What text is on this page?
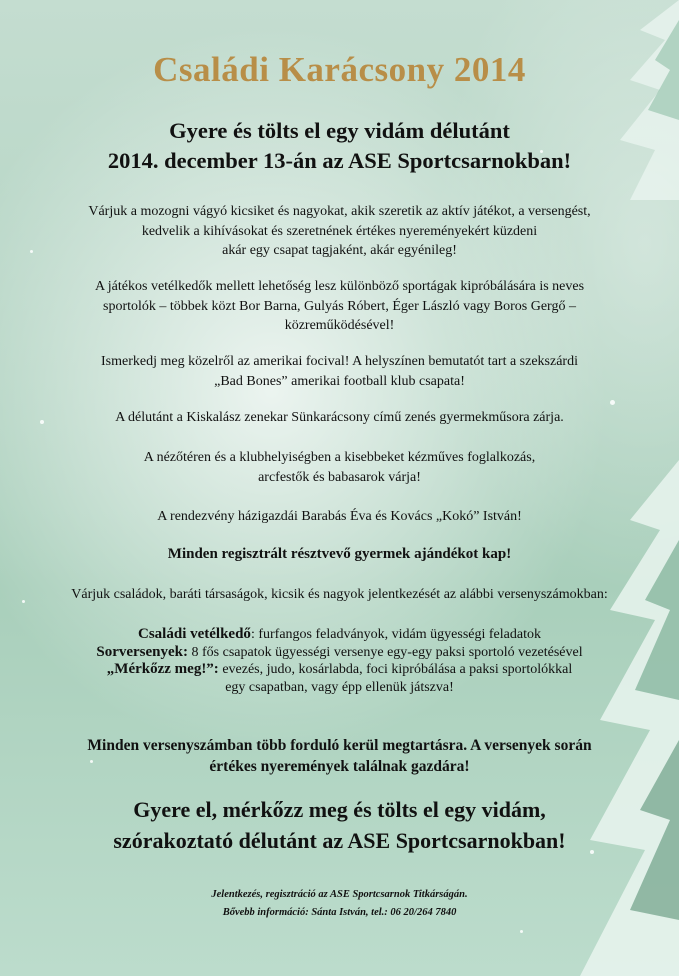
Családi Karácsony 2014
Gyere és tölts el egy vidám délutánt
2014. december 13-án az ASE Sportcsarnokban!
Várjuk a mozogni vágyó kicsiket és nagyokat, akik szeretik az aktív játékot, a versengést,
kedvelik a kihívásokat és szeretnének értékes nyereményekért küzdeni
akár egy csapat tagjaként, akár egyénileg!
A játékos vetélkedők mellett lehetőség lesz különböző sportágak kipróbálására is neves
sportolók – többek közt Bor Barna, Gulyás Róbert, Éger László vagy Boros Gergő –
közreműködésével!
Ismerkedj meg közelről az amerikai focival! A helyszínen bemutatót tart a szekszárdi
„Bad Bones” amerikai football klub csapata!
A délutánt a Kiskalász zenekar Sünkarácsony című zenés gyermekműsora zárja.
A nézőtéren és a klubhelyiségben a kisebbeket kézműves foglalkozás,
arcfestők és babasarok várja!
A rendezvény házigazdái Barabás Éva és Kovács „Kokó” István!
Minden regisztrált résztvevő gyermek ajándékot kap!
Várjuk családok, baráti társaságok, kicsik és nagyok jelentkezését az alábbi versenyszámokban:
Családi vetélkedő: furfangos feladványok, vidám ügyességi feladatok
Sorversenyek: 8 fős csapatok ügyességi versenye egy-egy paksi sportoló vezetésével
„Mérkőzz meg!”: evezés, judo, kosárlabda, foci kipróbálása a paksi sportolókkal
egy csapatban, vagy épp ellenük játszva!
Minden versenyszámban több forduló kerül megtartásra. A versenyek során
értékes nyeremények találnak gazdára!
Gyere el, mérkőzz meg és tölts el egy vidám,
szórakoztató délutánt az ASE Sportcsarnokban!
Jelentkezés, regisztráció az ASE Sportcsarnok Titkárságán.
Bővebb információ: Sánta István, tel.: 06 20/264 7840
